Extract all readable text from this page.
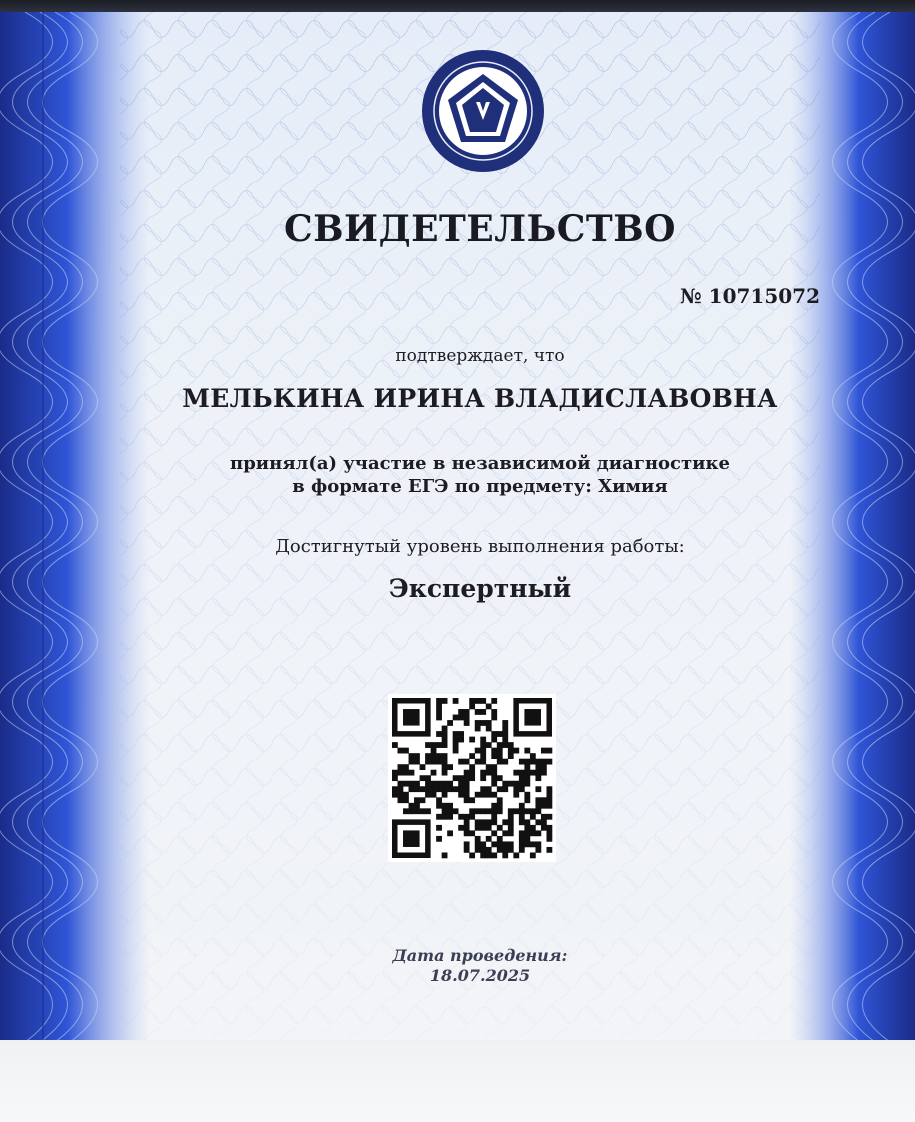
СВИДЕТЕЛЬСТВО
№ 10715072
подтверждает, что
МЕЛЬКИНА ИРИНА ВЛАДИСЛАВОВНА
принял(а) участие в независимой диагностике
в формате ЕГЭ по предмету: Химия
Достигнутый уровень выполнения работы:
Экспертный
Дата проведения:
18.07.2025
